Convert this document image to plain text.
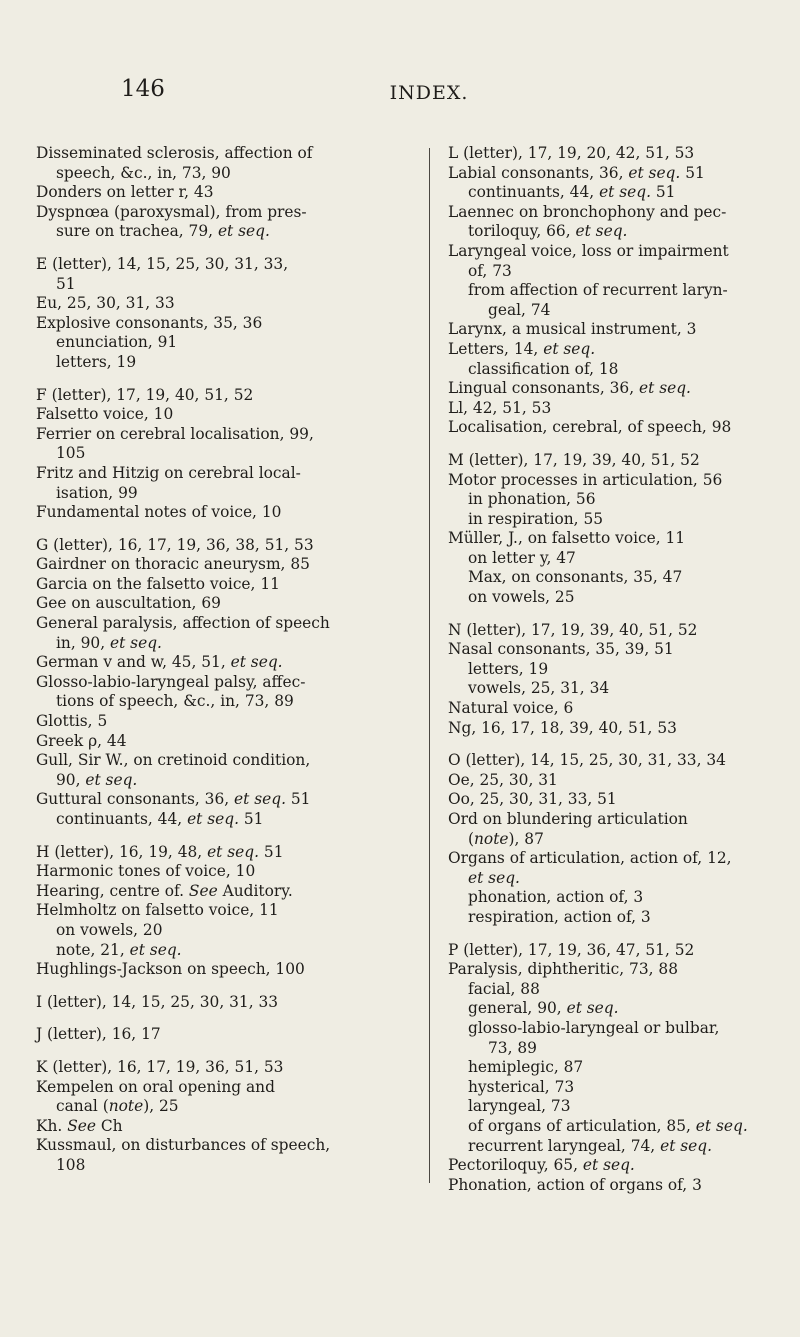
146	INDEX.
Disseminated sclerosis, affection of
speech, &c., in, 73, 90
Donders on letter r, 43
Dyspnœa (paroxysmal), from pres-
sure on trachea, 79, et seq.
E (letter), 14, 15, 25, 30, 31, 33,
51
Eu, 25, 30, 31, 33
Explosive consonants, 35, 36
enunciation, 91
letters, 19
F (letter), 17, 19, 40, 51, 52
Falsetto voice, 10
Ferrier on cerebral localisation, 99,
105
Fritz and Hitzig on cerebral local-
isation, 99
Fundamental notes of voice, 10
G (letter), 16, 17, 19, 36, 38, 51, 53
Gairdner on thoracic aneurysm, 85
Garcia on the falsetto voice, 11
Gee on auscultation, 69
General paralysis, affection of speech
in, 90, et seq.
German v and w, 45, 51, et seq.
Glosso-labio-laryngeal palsy, affec-
tions of speech, &c., in, 73, 89
Glottis, 5
Greek ρ, 44
Gull, Sir W., on cretinoid condition,
90, et seq.
Guttural consonants, 36, et seq. 51
continuants, 44, et seq. 51
H (letter), 16, 19, 48, et seq. 51
Harmonic tones of voice, 10
Hearing, centre of. See Auditory.
Helmholtz on falsetto voice, 11
on vowels, 20
note, 21, et seq.
Hughlings-Jackson on speech, 100
I (letter), 14, 15, 25, 30, 31, 33
J (letter), 16, 17
K (letter), 16, 17, 19, 36, 51, 53
Kempelen on oral opening and
canal (note), 25
Kh. See Ch
Kussmaul, on disturbances of speech,
108
L (letter), 17, 19, 20, 42, 51, 53
Labial consonants, 36, et seq. 51
continuants, 44, et seq. 51
Laennec on bronchophony and pec-
toriloquy, 66, et seq.
Laryngeal voice, loss or impairment
of, 73
from affection of recurrent laryn-
geal, 74
Larynx, a musical instrument, 3
Letters, 14, et seq.
classification of, 18
Lingual consonants, 36, et seq.
Ll, 42, 51, 53
Localisation, cerebral, of speech, 98
M (letter), 17, 19, 39, 40, 51, 52
Motor processes in articulation, 56
in phonation, 56
in respiration, 55
Müller, J., on falsetto voice, 11
on letter y, 47
Max, on consonants, 35, 47
on vowels, 25
N (letter), 17, 19, 39, 40, 51, 52
Nasal consonants, 35, 39, 51
letters, 19
vowels, 25, 31, 34
Natural voice, 6
Ng, 16, 17, 18, 39, 40, 51, 53
O (letter), 14, 15, 25, 30, 31, 33, 34
Oe, 25, 30, 31
Oo, 25, 30, 31, 33, 51
Ord on blundering articulation
(note), 87
Organs of articulation, action of, 12,
et seq.
phonation, action of, 3
respiration, action of, 3
P (letter), 17, 19, 36, 47, 51, 52
Paralysis, diphtheritic, 73, 88
facial, 88
general, 90, et seq.
glosso-labio-laryngeal or bulbar,
73, 89
hemiplegic, 87
hysterical, 73
laryngeal, 73
of organs of articulation, 85, et seq.
recurrent laryngeal, 74, et seq.
Pectoriloquy, 65, et seq.
Phonation, action of organs of, 3
